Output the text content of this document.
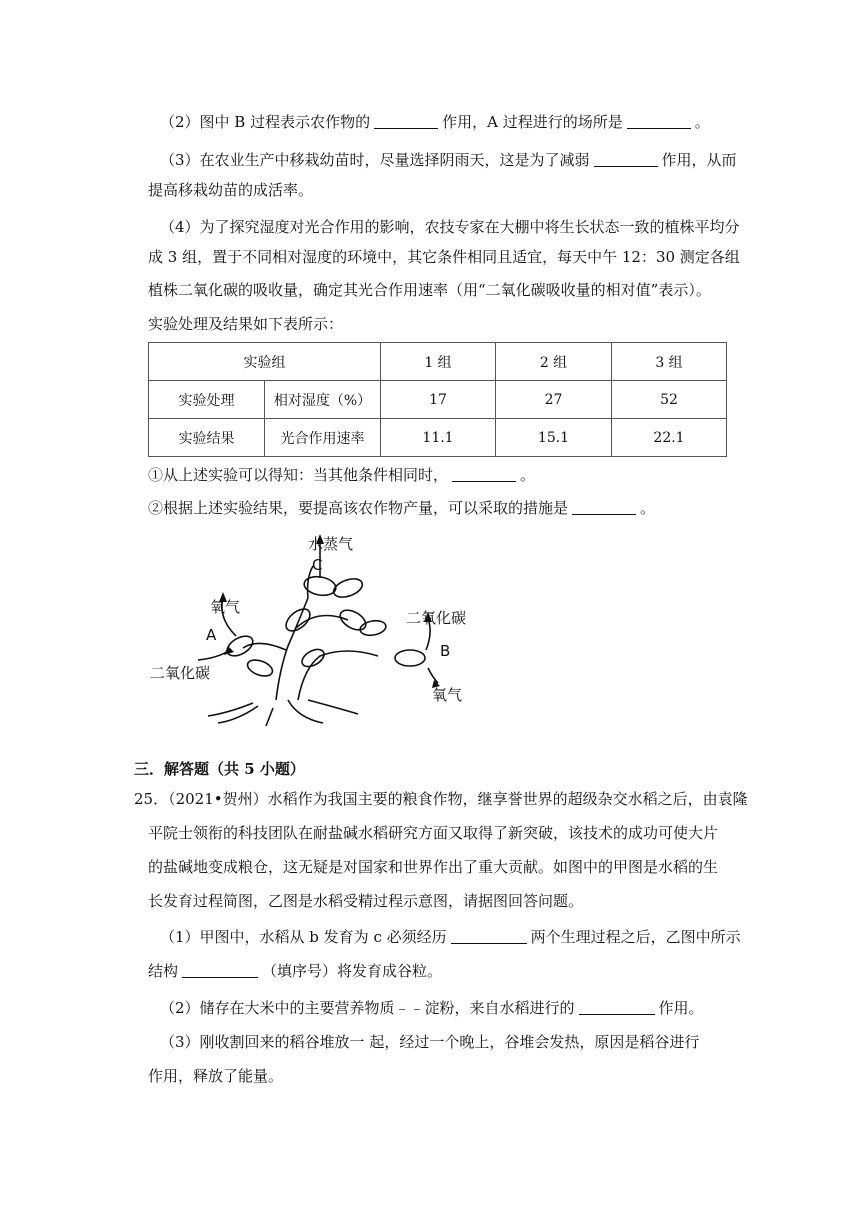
（2）图中 B 过程表示农作物的	作用，A 过程进行的场所是	。
（3）在农业生产中移栽幼苗时，尽量选择阴雨天，这是为了减弱	作用，从而
提高移栽幼苗的成活率。
（4）为了探究湿度对光合作用的影响，农技专家在大棚中将生长状态一致的植株平均分
成 3 组，置于不同相对湿度的环境中，其它条件相同且适宜，每天中午 12：30 测定各组
植株二氧化碳的吸收量，确定其光合作用速率（用“二氧化碳吸收量的相对值”表示）。
实验处理及结果如下表所示：
实验组		1 组	2 组	3 组
实验处理	相对湿度（%）	17	27	52
实验结果	光合作用速率	11.1	15.1	22.1
①从上述实验可以得知：当其他条件相同时，	。
②根据上述实验结果，要提高该农作物产量，可以采取的措施是	。
水蒸气
C
氧气
A
二氧化碳
二氧化碳
B
氧气
三．解答题（共 5 小题）
25．（2021•贺州）水稻作为我国主要的粮食作物，继享誉世界的超级杂交水稻之后，由袁隆
平院士领衔的科技团队在耐盐碱水稻研究方面又取得了新突破，该技术的成功可使大片
的盐碱地变成粮仓，这无疑是对国家和世界作出了重大贡献。如图中的甲图是水稻的生
长发育过程简图，乙图是水稻受精过程示意图，请据图回答问题。
（1）甲图中，水稻从 b 发育为 c 必须经历	两个生理过程之后，乙图中所示
结构	（填序号）将发育成谷粒。
（2）储存在大米中的主要营养物质﹣﹣淀粉，来自水稻进行的	作用。
（3）刚收割回来的稻谷堆放一 起，经过一个晚上，谷堆会发热，原因是稻谷进行
作用，释放了能量。
